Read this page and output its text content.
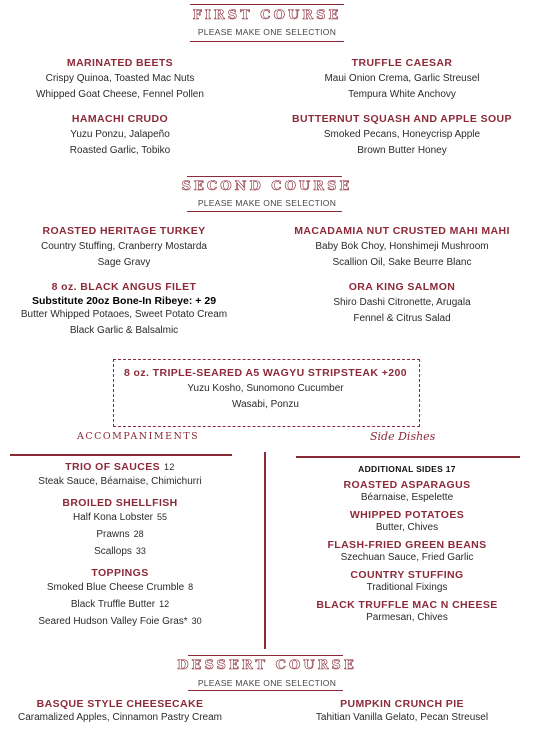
FIRST COURSE
PLEASE MAKE ONE SELECTION
MARINATED BEETS
Crispy Quinoa, Toasted Mac Nuts
Whipped Goat Cheese, Fennel Pollen
HAMACHI CRUDO
Yuzu Ponzu, Jalapeño
Roasted Garlic, Tobiko
TRUFFLE CAESAR
Maui Onion Crema, Garlic Streusel
Tempura White Anchovy
BUTTERNUT SQUASH AND APPLE SOUP
Smoked Pecans, Honeycrisp Apple
Brown Butter Honey
SECOND COURSE
PLEASE MAKE ONE SELECTION
ROASTED HERITAGE TURKEY
Country Stuffing, Cranberry Mostarda
Sage Gravy
8 oz. BLACK ANGUS FILET
Substitute 20oz Bone-In Ribeye: + 29
Butter Whipped Potaoes, Sweet Potato Cream
Black Garlic & Balsalmic
MACADAMIA NUT CRUSTED MAHI MAHI
Baby Bok Choy, Honshimeji Mushroom
Scallion Oil, Sake Beurre Blanc
ORA KING SALMON
Shiro Dashi Citronette, Arugala
Fennel & Citrus Salad
8 oz. TRIPLE-SEARED A5 WAGYU STRIPSTEAK +200
Yuzu Kosho, Sunomono Cucumber
Wasabi, Ponzu
ACCOMPANIMENTS	Side Dishes
TRIO OF SAUCES 12
Steak Sauce, Béarnaise, Chimichurri
BROILED SHELLFISH
Half Kona Lobster 55
Prawns 28
Scallops 33
TOPPINGS
Smoked Blue Cheese Crumble 8
Black Truffle Butter 12
Seared Hudson Valley Foie Gras* 30
ADDITIONAL SIDES 17
ROASTED ASPARAGUS
Béarnaise, Espelette
WHIPPED POTATOES
Butter, Chives
FLASH-FRIED GREEN BEANS
Szechuan Sauce, Fried Garlic
COUNTRY STUFFING
Traditional Fixings
BLACK TRUFFLE MAC N CHEESE
Parmesan, Chives
DESSERT COURSE
PLEASE MAKE ONE SELECTION
BASQUE STYLE CHEESECAKE
Caramalized Apples, Cinnamon Pastry Cream
PUMPKIN CRUNCH PIE
Tahitian Vanilla Gelato, Pecan Streusel
